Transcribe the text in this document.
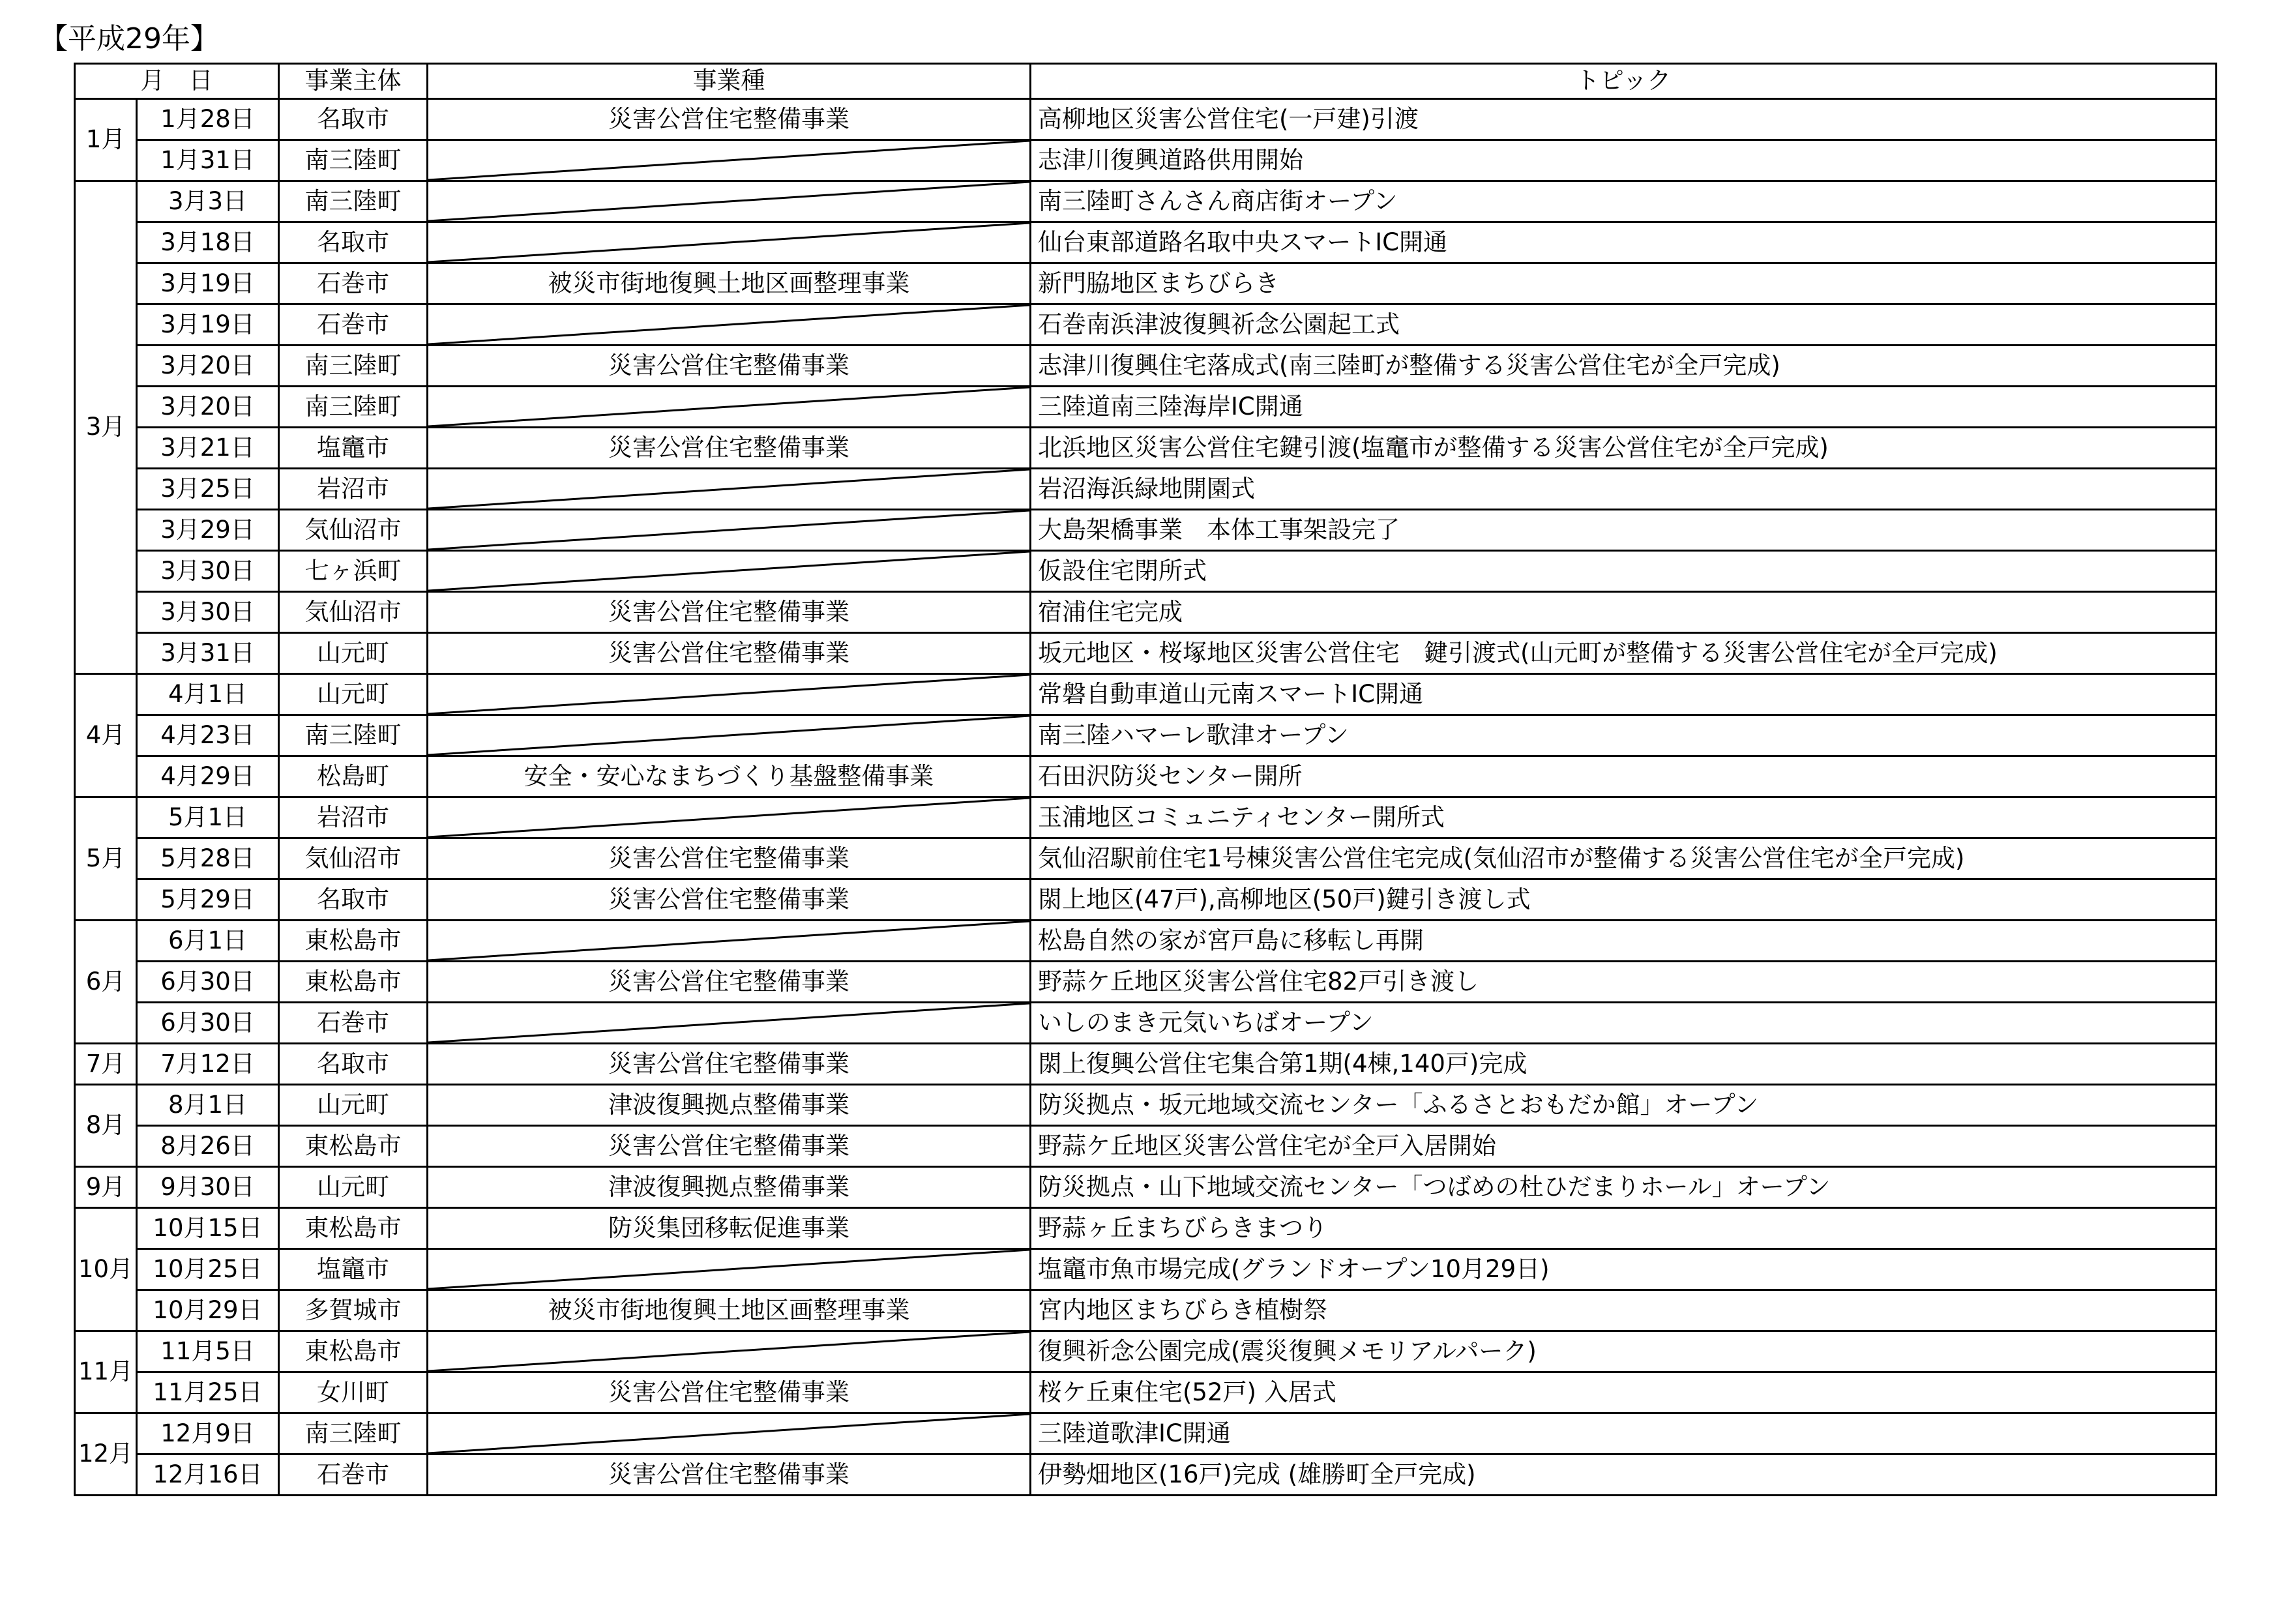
【平成29年】
月　日		事業主体	事業種	トピック
1月	1月28日	名取市	災害公営住宅整備事業	高柳地区災害公営住宅(一戸建)引渡
	1月31日	南三陸町		志津川復興道路供用開始
3月	3月3日	南三陸町		南三陸町さんさん商店街オープン
	3月18日	名取市		仙台東部道路名取中央スマートIC開通
	3月19日	石巻市	被災市街地復興土地区画整理事業	新門脇地区まちびらき
	3月19日	石巻市		石巻南浜津波復興祈念公園起工式
	3月20日	南三陸町	災害公営住宅整備事業	志津川復興住宅落成式(南三陸町が整備する災害公営住宅が全戸完成)
	3月20日	南三陸町		三陸道南三陸海岸IC開通
	3月21日	塩竈市	災害公営住宅整備事業	北浜地区災害公営住宅鍵引渡(塩竈市が整備する災害公営住宅が全戸完成)
	3月25日	岩沼市		岩沼海浜緑地開園式
	3月29日	気仙沼市		大島架橋事業　本体工事架設完了
	3月30日	七ヶ浜町		仮設住宅閉所式
	3月30日	気仙沼市	災害公営住宅整備事業	宿浦住宅完成
	3月31日	山元町	災害公営住宅整備事業	坂元地区・桜塚地区災害公営住宅　鍵引渡式(山元町が整備する災害公営住宅が全戸完成)
4月	4月1日	山元町		常磐自動車道山元南スマートIC開通
	4月23日	南三陸町		南三陸ハマーレ歌津オープン
	4月29日	松島町	安全・安心なまちづくり基盤整備事業	石田沢防災センター開所
5月	5月1日	岩沼市		玉浦地区コミュニティセンター開所式
	5月28日	気仙沼市	災害公営住宅整備事業	気仙沼駅前住宅1号棟災害公営住宅完成(気仙沼市が整備する災害公営住宅が全戸完成)
	5月29日	名取市	災害公営住宅整備事業	閖上地区(47戸),高柳地区(50戸)鍵引き渡し式
6月	6月1日	東松島市		松島自然の家が宮戸島に移転し再開
	6月30日	東松島市	災害公営住宅整備事業	野蒜ケ丘地区災害公営住宅82戸引き渡し
	6月30日	石巻市		いしのまき元気いちばオープン
7月	7月12日	名取市	災害公営住宅整備事業	閖上復興公営住宅集合第1期(4棟,140戸)完成
8月	8月1日	山元町	津波復興拠点整備事業	防災拠点・坂元地域交流センター「ふるさとおもだか館」オープン
	8月26日	東松島市	災害公営住宅整備事業	野蒜ケ丘地区災害公営住宅が全戸入居開始
9月	9月30日	山元町	津波復興拠点整備事業	防災拠点・山下地域交流センター「つばめの杜ひだまりホール」オープン
10月	10月15日	東松島市	防災集団移転促進事業	野蒜ヶ丘まちびらきまつり
	10月25日	塩竈市		塩竈市魚市場完成(グランドオープン10月29日)
	10月29日	多賀城市	被災市街地復興土地区画整理事業	宮内地区まちびらき植樹祭
11月	11月5日	東松島市		復興祈念公園完成(震災復興メモリアルパーク)
	11月25日	女川町	災害公営住宅整備事業	桜ケ丘東住宅(52戸) 入居式
12月	12月9日	南三陸町		三陸道歌津IC開通
	12月16日	石巻市	災害公営住宅整備事業	伊勢畑地区(16戸)完成 (雄勝町全戸完成)
